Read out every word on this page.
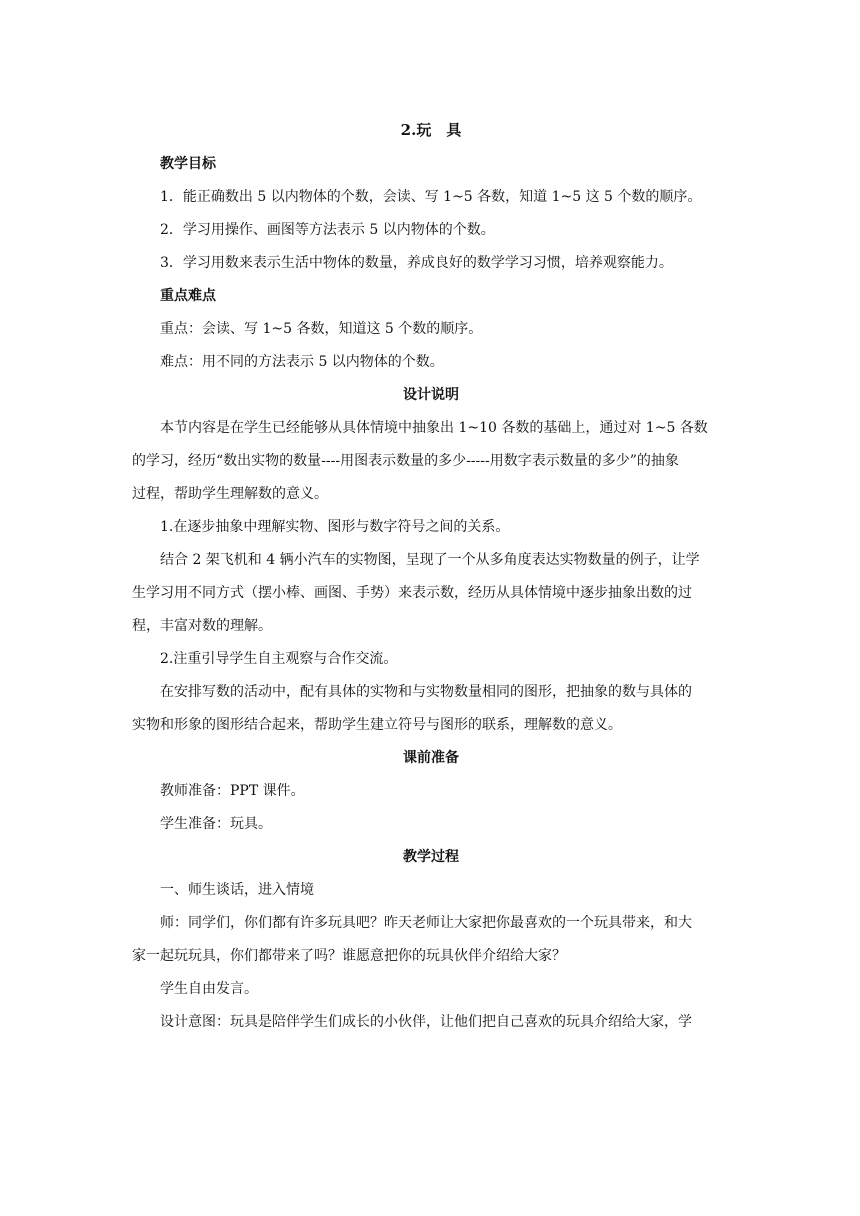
2.玩　具
教学目标
1．能正确数出 5 以内物体的个数，会读、写 1~5 各数，知道 1~5 这 5 个数的顺序。
2．学习用操作、画图等方法表示 5 以内物体的个数。
3．学习用数来表示生活中物体的数量，养成良好的数学学习习惯，培养观察能力。
重点难点
重点：会读、写 1~5 各数，知道这 5 个数的顺序。
难点：用不同的方法表示 5 以内物体的个数。
设计说明
本节内容是在学生已经能够从具体情境中抽象出 1~10 各数的基础上，通过对 1~5 各数
的学习，经历“数出实物的数量----用图表示数量的多少-----用数字表示数量的多少”的抽象
过程，帮助学生理解数的意义。
1.在逐步抽象中理解实物、图形与数字符号之间的关系。
结合 2 架飞机和 4 辆小汽车的实物图，呈现了一个从多角度表达实物数量的例子，让学
生学习用不同方式（摆小棒、画图、手势）来表示数，经历从具体情境中逐步抽象出数的过
程，丰富对数的理解。
2.注重引导学生自主观察与合作交流。
在安排写数的活动中，配有具体的实物和与实物数量相同的图形，把抽象的数与具体的
实物和形象的图形结合起来，帮助学生建立符号与图形的联系，理解数的意义。
课前准备
教师准备：PPT 课件。
学生准备：玩具。
教学过程
一、师生谈话，进入情境
师：同学们，你们都有许多玩具吧？昨天老师让大家把你最喜欢的一个玩具带来，和大
家一起玩玩具，你们都带来了吗？谁愿意把你的玩具伙伴介绍给大家？
学生自由发言。
设计意图：玩具是陪伴学生们成长的小伙伴，让他们把自己喜欢的玩具介绍给大家，学
